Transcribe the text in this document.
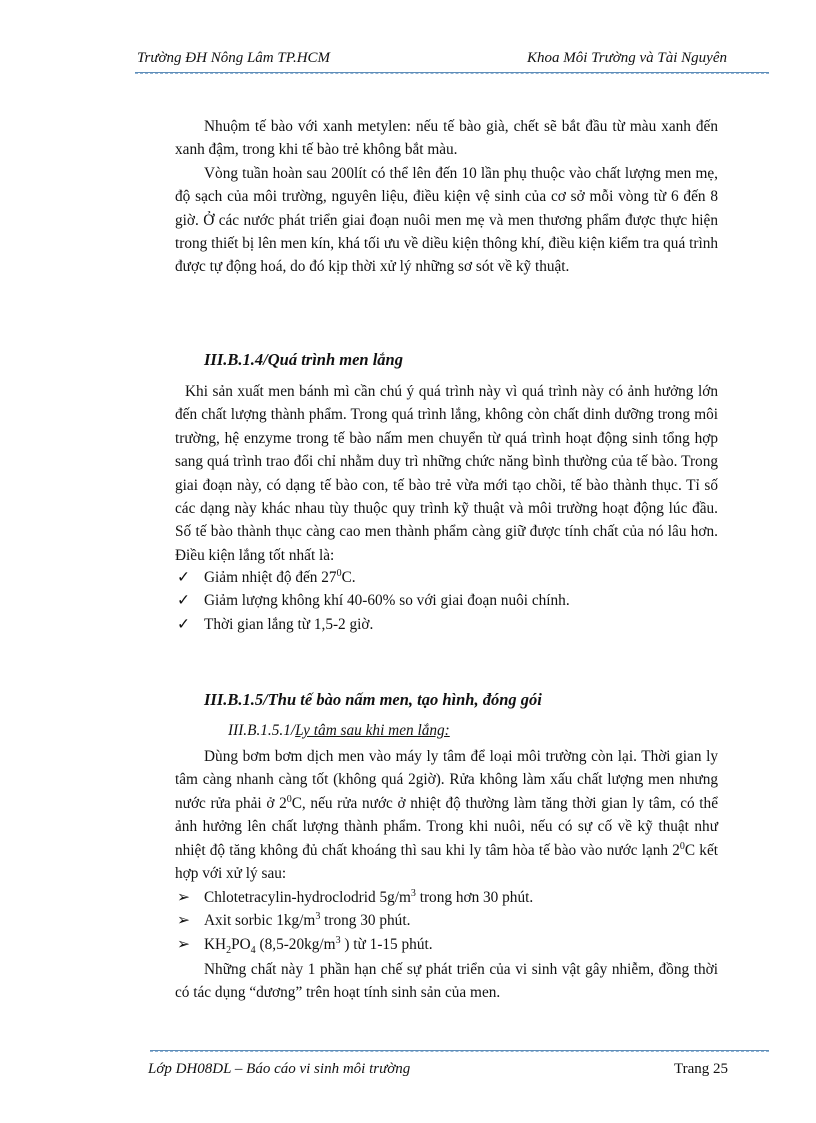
Trường ĐH Nông Lâm TP.HCM	Khoa Môi Trường và Tài Nguyên

Nhuộm tế bào với xanh metylen: nếu tế bào già, chết sẽ bắt đầu từ màu xanh đến xanh đậm, trong khi tế bào trẻ không bắt màu.

Vòng tuần hoàn sau 200lít có thể lên đến 10 lần phụ thuộc vào chất lượng men mẹ, độ sạch của môi trường, nguyên liệu, điều kiện vệ sinh của cơ sở mỗi vòng từ 6 đến 8 giờ. Ở các nước phát triển giai đoạn nuôi men mẹ và men thương phẩm được thực hiện trong thiết bị lên men kín, khá tối ưu về diều kiện thông khí, điều kiện kiểm tra quá trình được tự động hoá, do đó kịp thời xử lý những sơ sót về kỹ thuật.

III.B.1.4/Quá trình men lắng

Khi sản xuất men bánh mì cần chú ý quá trình này vì quá trình này có ảnh hưởng lớn đến chất lượng thành phẩm. Trong quá trình lắng, không còn chất dinh dưỡng trong môi trường, hệ enzyme trong tế bào nấm men chuyển từ quá trình hoạt động sinh tổng hợp sang quá trình trao đổi chỉ nhằm duy trì những chức năng bình thường của tế bào. Trong giai đoạn này, có dạng tế bào con, tế bào trẻ vừa mới tạo chồi, tế bào thành thục. Tỉ số các dạng này khác nhau tùy thuộc quy trình kỹ thuật và môi trường hoạt động lúc đầu. Số tế bào thành thục càng cao men thành phẩm càng giữ được tính chất của nó lâu hơn. Điều kiện lắng tốt nhất là:

✓ Giảm nhiệt độ đến $27^0C$.
✓ Giảm lượng không khí 40-60% so với giai đoạn nuôi chính.
✓ Thời gian lắng từ 1,5-2 giờ.
III.B.1.5/Thu tế bào nấm men, tạo hình, đóng gói
III.B.1.5.1/Ly tâm sau khi men lắng:

Dùng bơm bơm dịch men vào máy ly tâm để loại môi trường còn lại. Thời gian ly tâm càng nhanh càng tốt (không quá 2giờ). Rửa không làm xấu chất lượng men nhưng nước rửa phải ở $2^0C$, nếu rửa nước ở nhiệt độ thường làm tăng thời gian ly tâm, có thể ảnh hưởng lên chất lượng thành phẩm. Trong khi nuôi, nếu có sự cố về kỹ thuật như nhiệt độ tăng không đủ chất khoáng thì sau khi ly tâm hòa tế bào vào nước lạnh $2^0C$ kết hợp với xử lý sau:

➢ Chlotetracylin-hydroclodrid $5g/m^3$ trong hơn 30 phút.
➢ Axit sorbic $1kg/m^3$ trong 30 phút.
➢ $KH_2PO_4$ ($8,5-20kg/m^3$ ) từ 1-15 phút.

Những chất này 1 phần hạn chế sự phát triển của vi sinh vật gây nhiễm, đồng thời có tác dụng “dương” trên hoạt tính sinh sản của men.

Lớp DH08DL – Báo cáo vi sinh môi trường	Trang 25
